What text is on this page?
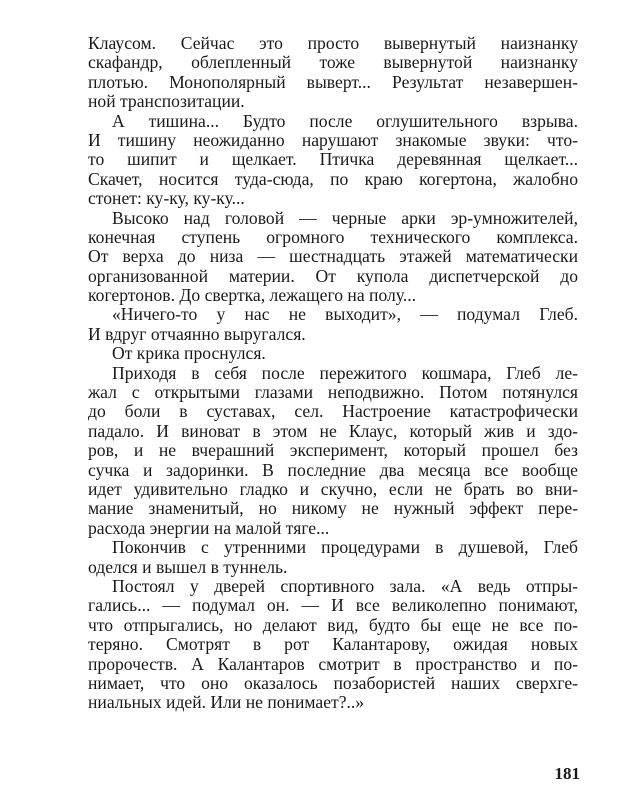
Клаусом. Сейчас это просто вывернутый наизнанку
скафандр, облепленный тоже вывернутой наизнанку
плотью. Монополярный выверт... Результат незавершен-
ной транспозитации.
А тишина... Будто после оглушительного взрыва.
И тишину неожиданно нарушают знакомые звуки: что-
то шипит и щелкает. Птичка деревянная щелкает...
Скачет, носится туда-сюда, по краю когертона, жалобно
стонет: ку-ку, ку-ку...
Высоко над головой — черные арки эр-умножителей,
конечная ступень огромного технического комплекса.
От верха до низа — шестнадцать этажей математически
организованной материи. От купола диспетчерской до
когертонов. До свертка, лежащего на полу...
«Ничего-то у нас не выходит», — подумал Глеб.
И вдруг отчаянно выругался.
От крика проснулся.
Приходя в себя после пережитого кошмара, Глеб ле-
жал с открытыми глазами неподвижно. Потом потянулся
до боли в суставах, сел. Настроение катастрофически
падало. И виноват в этом не Клаус, который жив и здо-
ров, и не вчерашний эксперимент, который прошел без
сучка и задоринки. В последние два месяца все вообще
идет удивительно гладко и скучно, если не брать во вни-
мание знаменитый, но никому не нужный эффект пере-
расхода энергии на малой тяге...
Покончив с утренними процедурами в душевой, Глеб
оделся и вышел в туннель.
Постоял у дверей спортивного зала. «А ведь отпры-
гались... — подумал он. — И все великолепно понимают,
что отпрыгались, но делают вид, будто бы еще не все по-
теряно. Смотрят в рот Калантарову, ожидая новых
пророчеств. А Калантаров смотрит в пространство и по-
нимает, что оно оказалось позабористей наших сверхге-
ниальных идей. Или не понимает?..»
181
